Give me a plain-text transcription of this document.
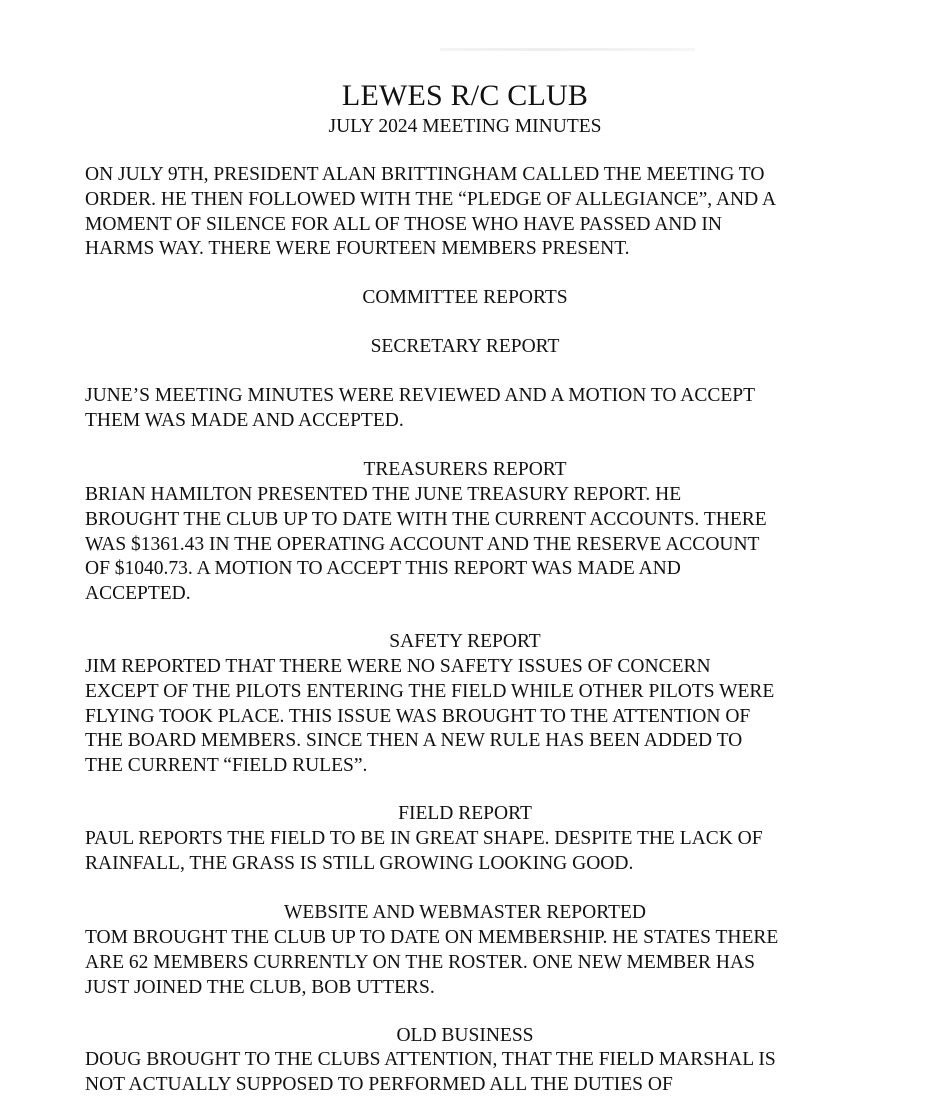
LEWES R/C CLUB
JULY 2024 MEETING MINUTES
ON JULY 9TH, PRESIDENT ALAN BRITTINGHAM CALLED THE MEETING TO
ORDER. HE THEN FOLLOWED WITH THE “PLEDGE OF ALLEGIANCE”, AND A
MOMENT OF SILENCE FOR ALL OF THOSE WHO HAVE PASSED AND IN
HARMS WAY. THERE WERE FOURTEEN MEMBERS PRESENT.
COMMITTEE REPORTS
SECRETARY REPORT
JUNE’S MEETING MINUTES WERE REVIEWED AND A MOTION TO ACCEPT
THEM WAS MADE AND ACCEPTED.
TREASURERS REPORT
BRIAN HAMILTON PRESENTED THE JUNE TREASURY REPORT. HE
BROUGHT THE CLUB UP TO DATE WITH THE CURRENT ACCOUNTS. THERE
WAS $1361.43 IN THE OPERATING ACCOUNT AND THE RESERVE ACCOUNT
OF $1040.73. A MOTION TO ACCEPT THIS REPORT WAS MADE AND
ACCEPTED.
SAFETY REPORT
JIM REPORTED THAT THERE WERE NO SAFETY ISSUES OF CONCERN
EXCEPT OF THE PILOTS ENTERING THE FIELD WHILE OTHER PILOTS WERE
FLYING TOOK PLACE. THIS ISSUE WAS BROUGHT TO THE ATTENTION OF
THE BOARD MEMBERS. SINCE THEN A NEW RULE HAS BEEN ADDED TO
THE CURRENT “FIELD RULES”.
FIELD REPORT
PAUL REPORTS THE FIELD TO BE IN GREAT SHAPE. DESPITE THE LACK OF
RAINFALL, THE GRASS IS STILL GROWING LOOKING GOOD.
WEBSITE AND WEBMASTER REPORTED
TOM BROUGHT THE CLUB UP TO DATE ON MEMBERSHIP. HE STATES THERE
ARE 62 MEMBERS CURRENTLY ON THE ROSTER. ONE NEW MEMBER HAS
JUST JOINED THE CLUB, BOB UTTERS.
OLD BUSINESS
DOUG BROUGHT TO THE CLUBS ATTENTION, THAT THE FIELD MARSHAL IS
NOT ACTUALLY SUPPOSED TO PERFORMED ALL THE DUTIES OF
